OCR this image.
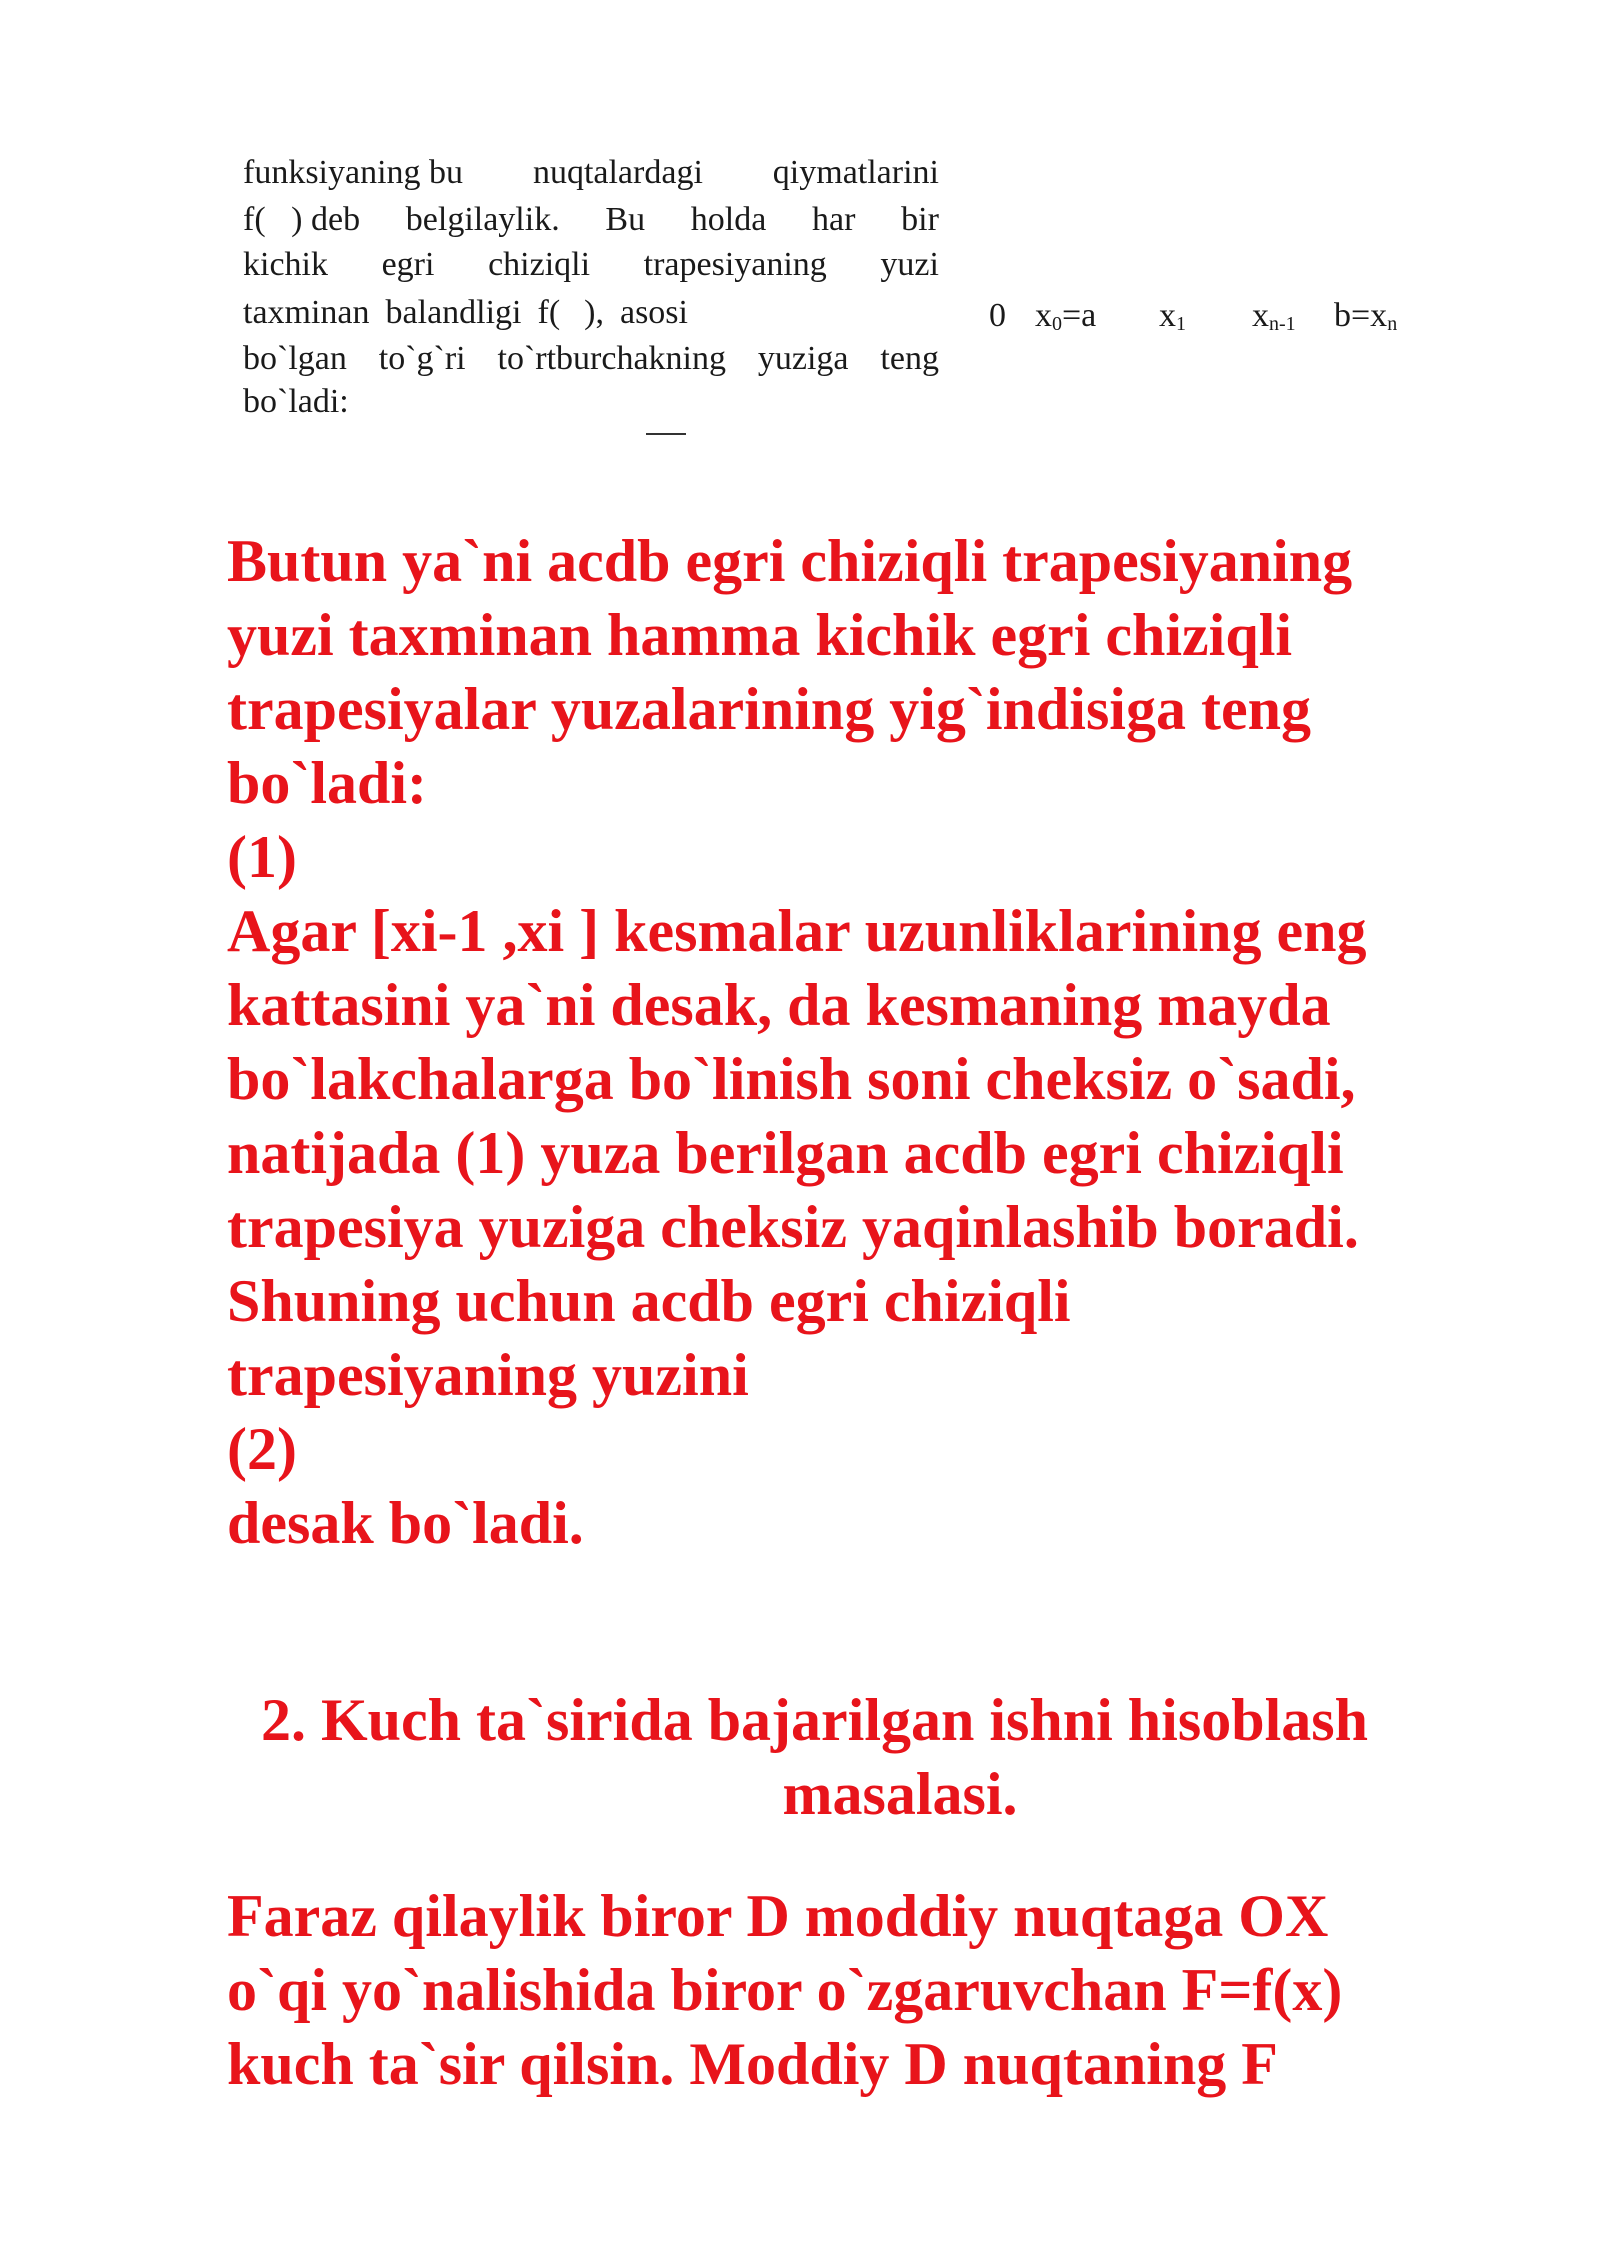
funksiyaning bu nuqtalardagi qiymatlarini
f( ) deb belgilaylik. Bu holda har bir
kichik egri chiziqli trapesiyaning yuzi
taxminan balandligi f( ), asosi
bo`lgan to`g`ri to`rtburchakning yuziga teng
bo`ladi:
0 $x_0=a$ $x_1$ $x_{n-1}$ $b=x_n$
Butun ya`ni acdb egri chiziqli trapesiyaning
yuzi taxminan hamma kichik egri chiziqli
trapesiyalar yuzalarining yig`indisiga teng
bo`ladi:
(1)
Agar [xi-1 ,xi ] kesmalar uzunliklarining eng
kattasini ya`ni desak, da kesmaning mayda
bo`lakchalarga bo`linish soni cheksiz o`sadi,
natijada (1) yuza berilgan acdb egri chiziqli
trapesiya yuziga cheksiz yaqinlashib boradi.
Shuning uchun acdb egri chiziqli
trapesiyaning yuzini
(2)
desak bo`ladi.
2. Kuch ta`sirida bajarilgan ishni hisoblash
masalasi.
Faraz qilaylik biror D moddiy nuqtaga OX
o`qi yo`nalishida biror o`zgaruvchan F=f(x)
kuch ta`sir qilsin. Moddiy D nuqtaning F
